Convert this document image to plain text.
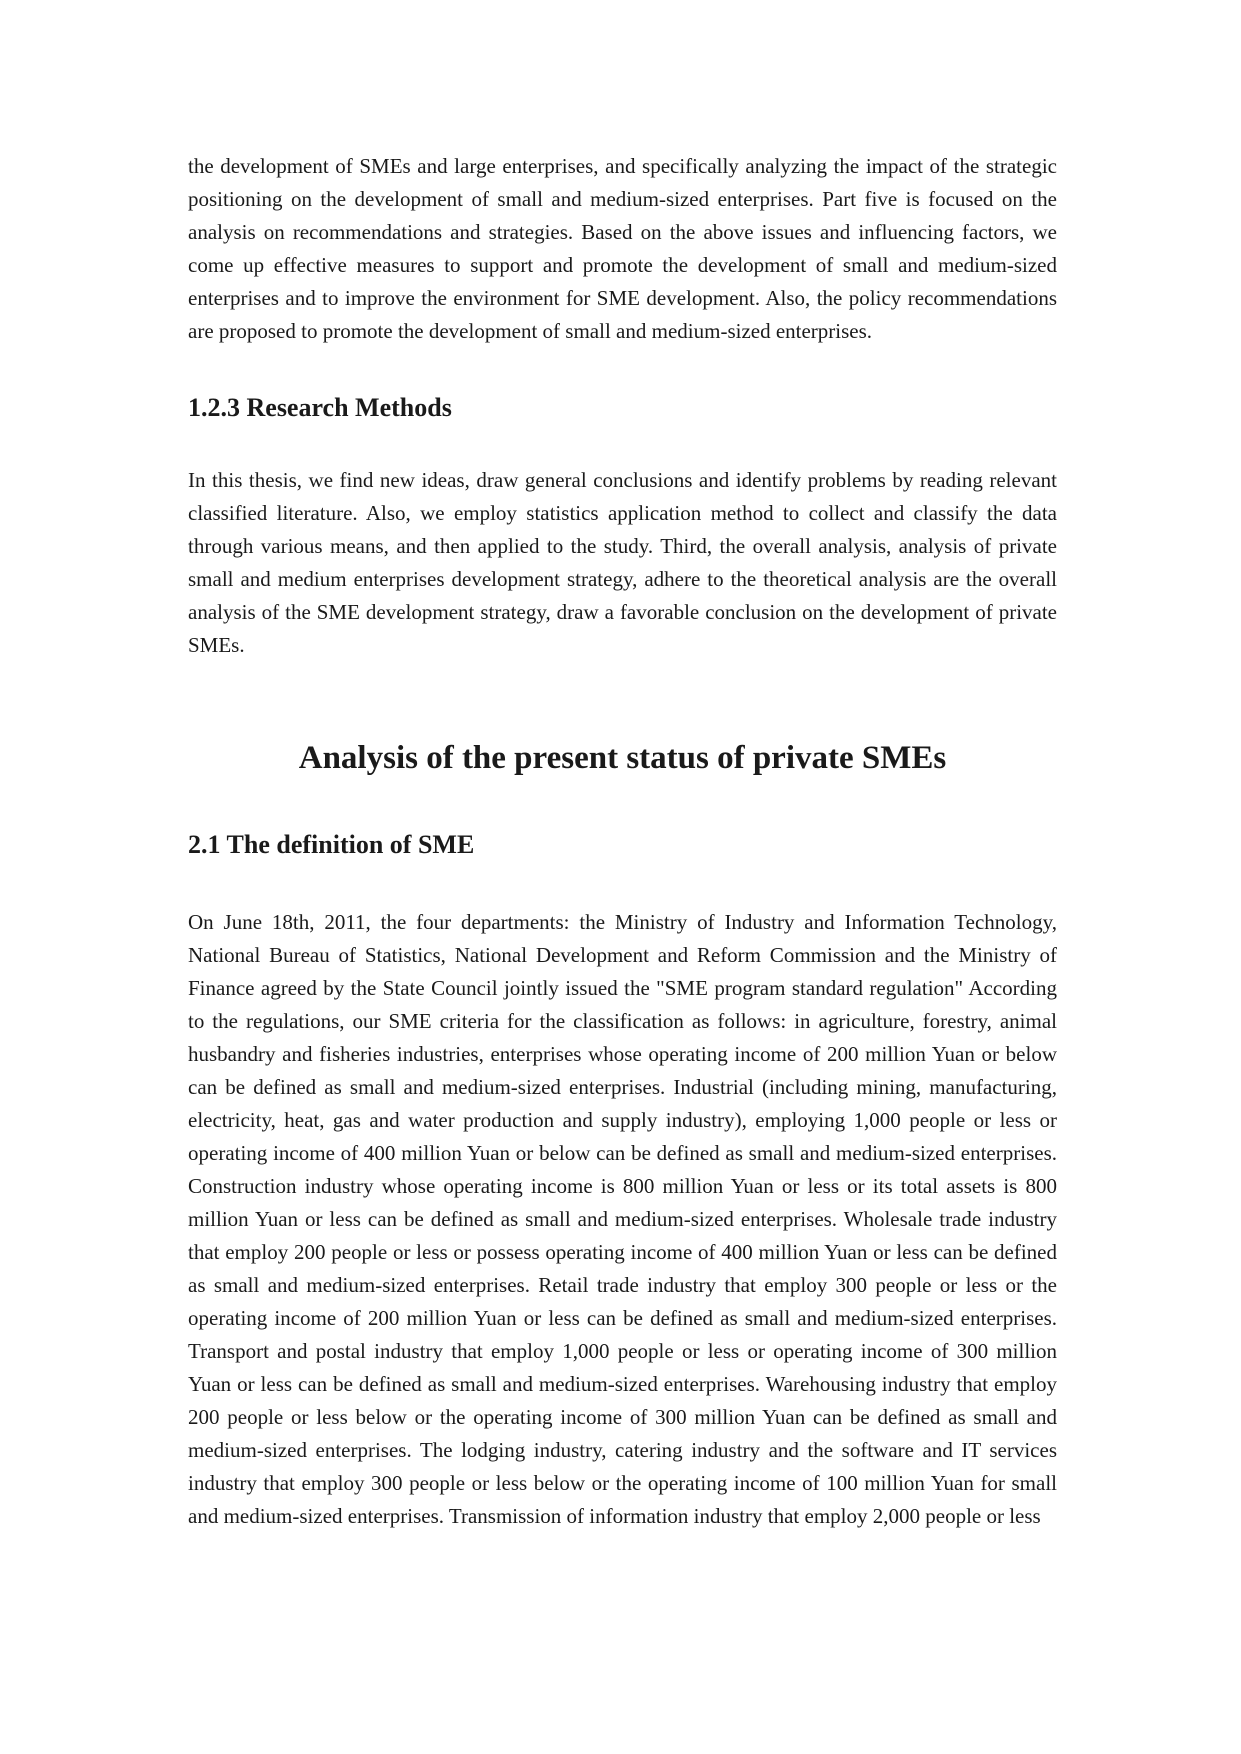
the development of SMEs and large enterprises, and specifically analyzing the impact of the strategic positioning on the development of small and medium-sized enterprises. Part five is focused on the analysis on recommendations and strategies. Based on the above issues and influencing factors, we come up effective measures to support and promote the development of small and medium-sized enterprises and to improve the environment for SME development. Also, the policy recommendations are proposed to promote the development of small and medium-sized enterprises.

1.2.3 Research Methods

In this thesis, we find new ideas, draw general conclusions and identify problems by reading relevant classified literature. Also, we employ statistics application method to collect and classify the data through various means, and then applied to the study. Third, the overall analysis, analysis of private small and medium enterprises development strategy, adhere to the theoretical analysis are the overall analysis of the SME development strategy, draw a favorable conclusion on the development of private SMEs.

Analysis of the present status of private SMEs
2.1 The definition of SME

On June 18th, 2011, the four departments: the Ministry of Industry and Information Technology, National Bureau of Statistics, National Development and Reform Commission and the Ministry of Finance agreed by the State Council jointly issued the "SME program standard regulation" According to the regulations, our SME criteria for the classification as follows: in agriculture, forestry, animal husbandry and fisheries industries, enterprises whose operating income of 200 million Yuan or below can be defined as small and medium-sized enterprises. Industrial (including mining, manufacturing, electricity, heat, gas and water production and supply industry), employing 1,000 people or less or operating income of 400 million Yuan or below can be defined as small and medium-sized enterprises. Construction industry whose operating income is 800 million Yuan or less or its total assets is 800 million Yuan or less can be defined as small and medium-sized enterprises. Wholesale trade industry that employ 200 people or less or possess operating income of 400 million Yuan or less can be defined as small and medium-sized enterprises. Retail trade industry that employ 300 people or less or the operating income of 200 million Yuan or less can be defined as small and medium-sized enterprises. Transport and postal industry that employ 1,000 people or less or operating income of 300 million Yuan or less can be defined as small and medium-sized enterprises. Warehousing industry that employ 200 people or less below or the operating income of 300 million Yuan can be defined as small and medium-sized enterprises. The lodging industry, catering industry and the software and IT services industry that employ 300 people or less below or the operating income of 100 million Yuan for small and medium-sized enterprises. Transmission of information industry that employ 2,000 people or less
